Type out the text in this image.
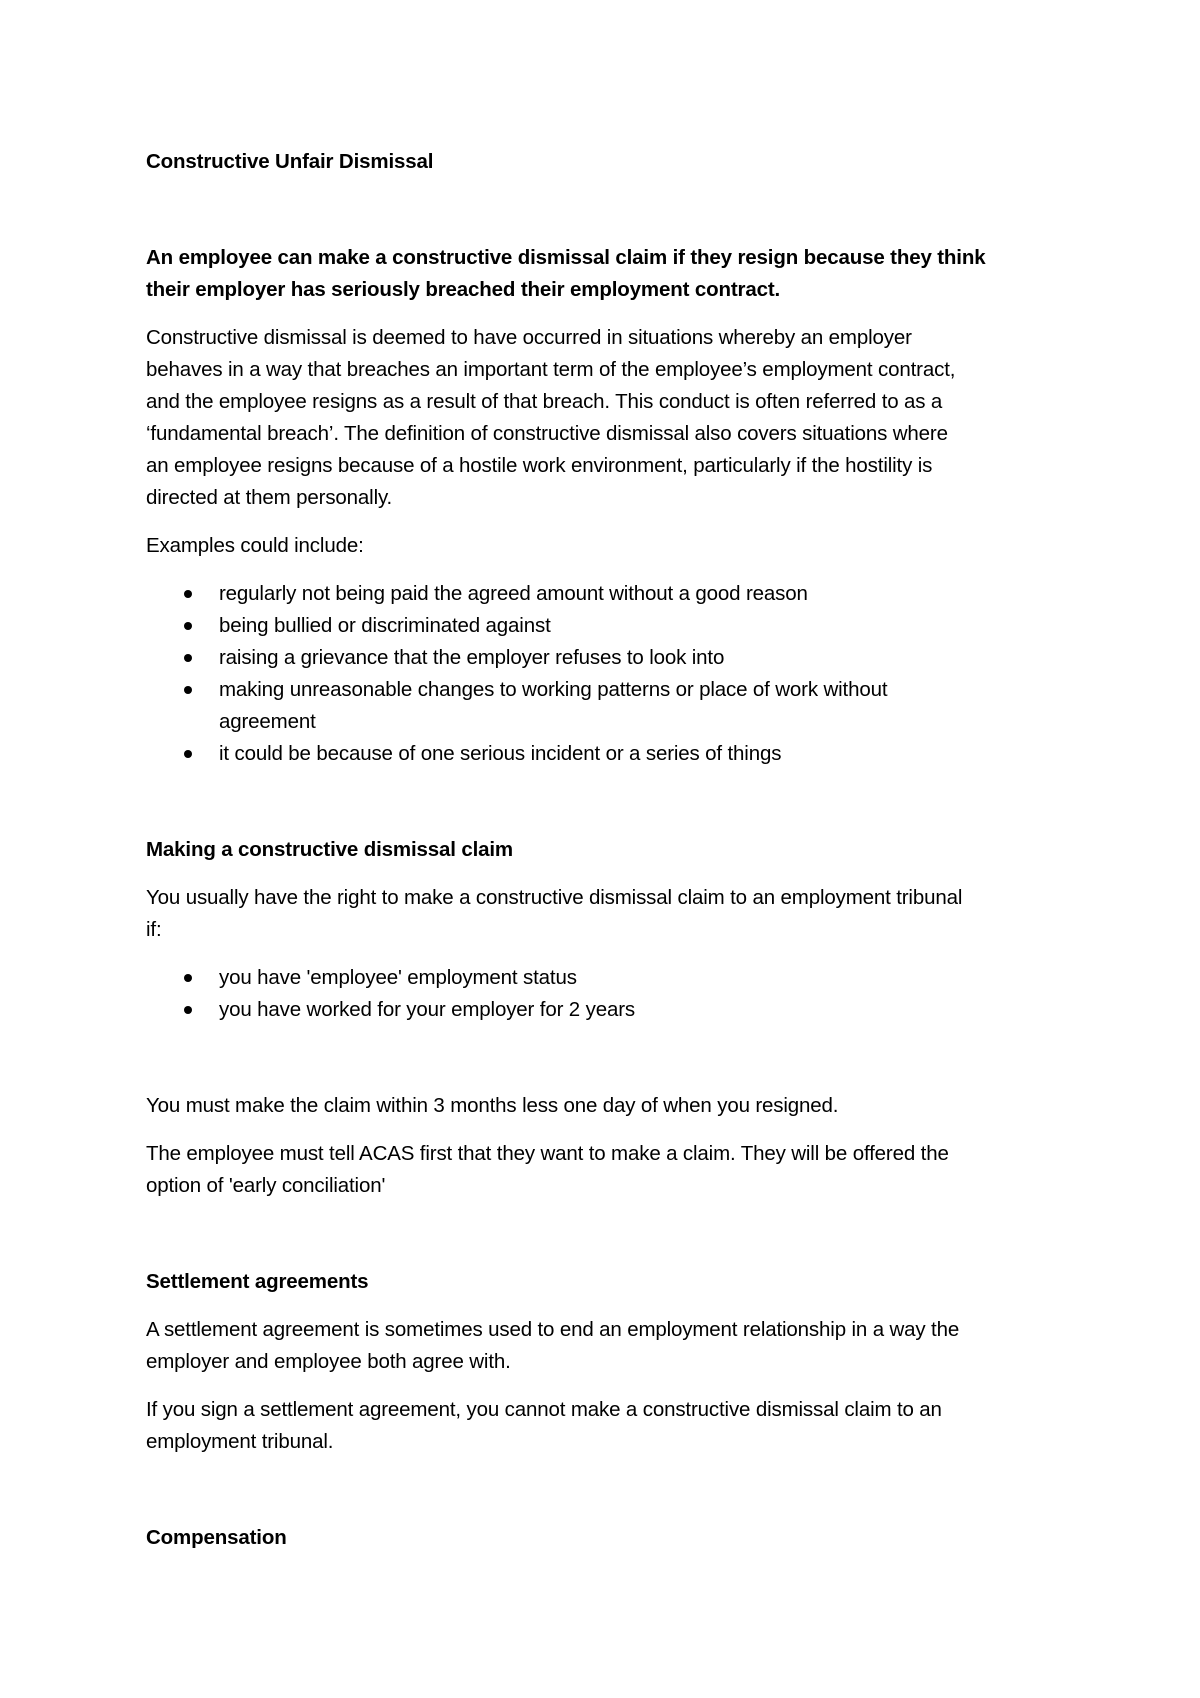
Constructive Unfair Dismissal
An employee can make a constructive dismissal claim if they resign because they think
their employer has seriously breached their employment contract.
Constructive dismissal is deemed to have occurred in situations whereby an employer
behaves in a way that breaches an important term of the employee’s employment contract,
and the employee resigns as a result of that breach. This conduct is often referred to as a
‘fundamental breach’. The definition of constructive dismissal also covers situations where
an employee resigns because of a hostile work environment, particularly if the hostility is
directed at them personally.
Examples could include:
regularly not being paid the agreed amount without a good reason
being bullied or discriminated against
raising a grievance that the employer refuses to look into
making unreasonable changes to working patterns or place of work without
agreement
it could be because of one serious incident or a series of things
Making a constructive dismissal claim
You usually have the right to make a constructive dismissal claim to an employment tribunal
if:
you have 'employee' employment status
you have worked for your employer for 2 years
You must make the claim within 3 months less one day of when you resigned.
The employee must tell ACAS first that they want to make a claim. They will be offered the
option of 'early conciliation'
Settlement agreements
A settlement agreement is sometimes used to end an employment relationship in a way the
employer and employee both agree with.
If you sign a settlement agreement, you cannot make a constructive dismissal claim to an
employment tribunal.
Compensation
